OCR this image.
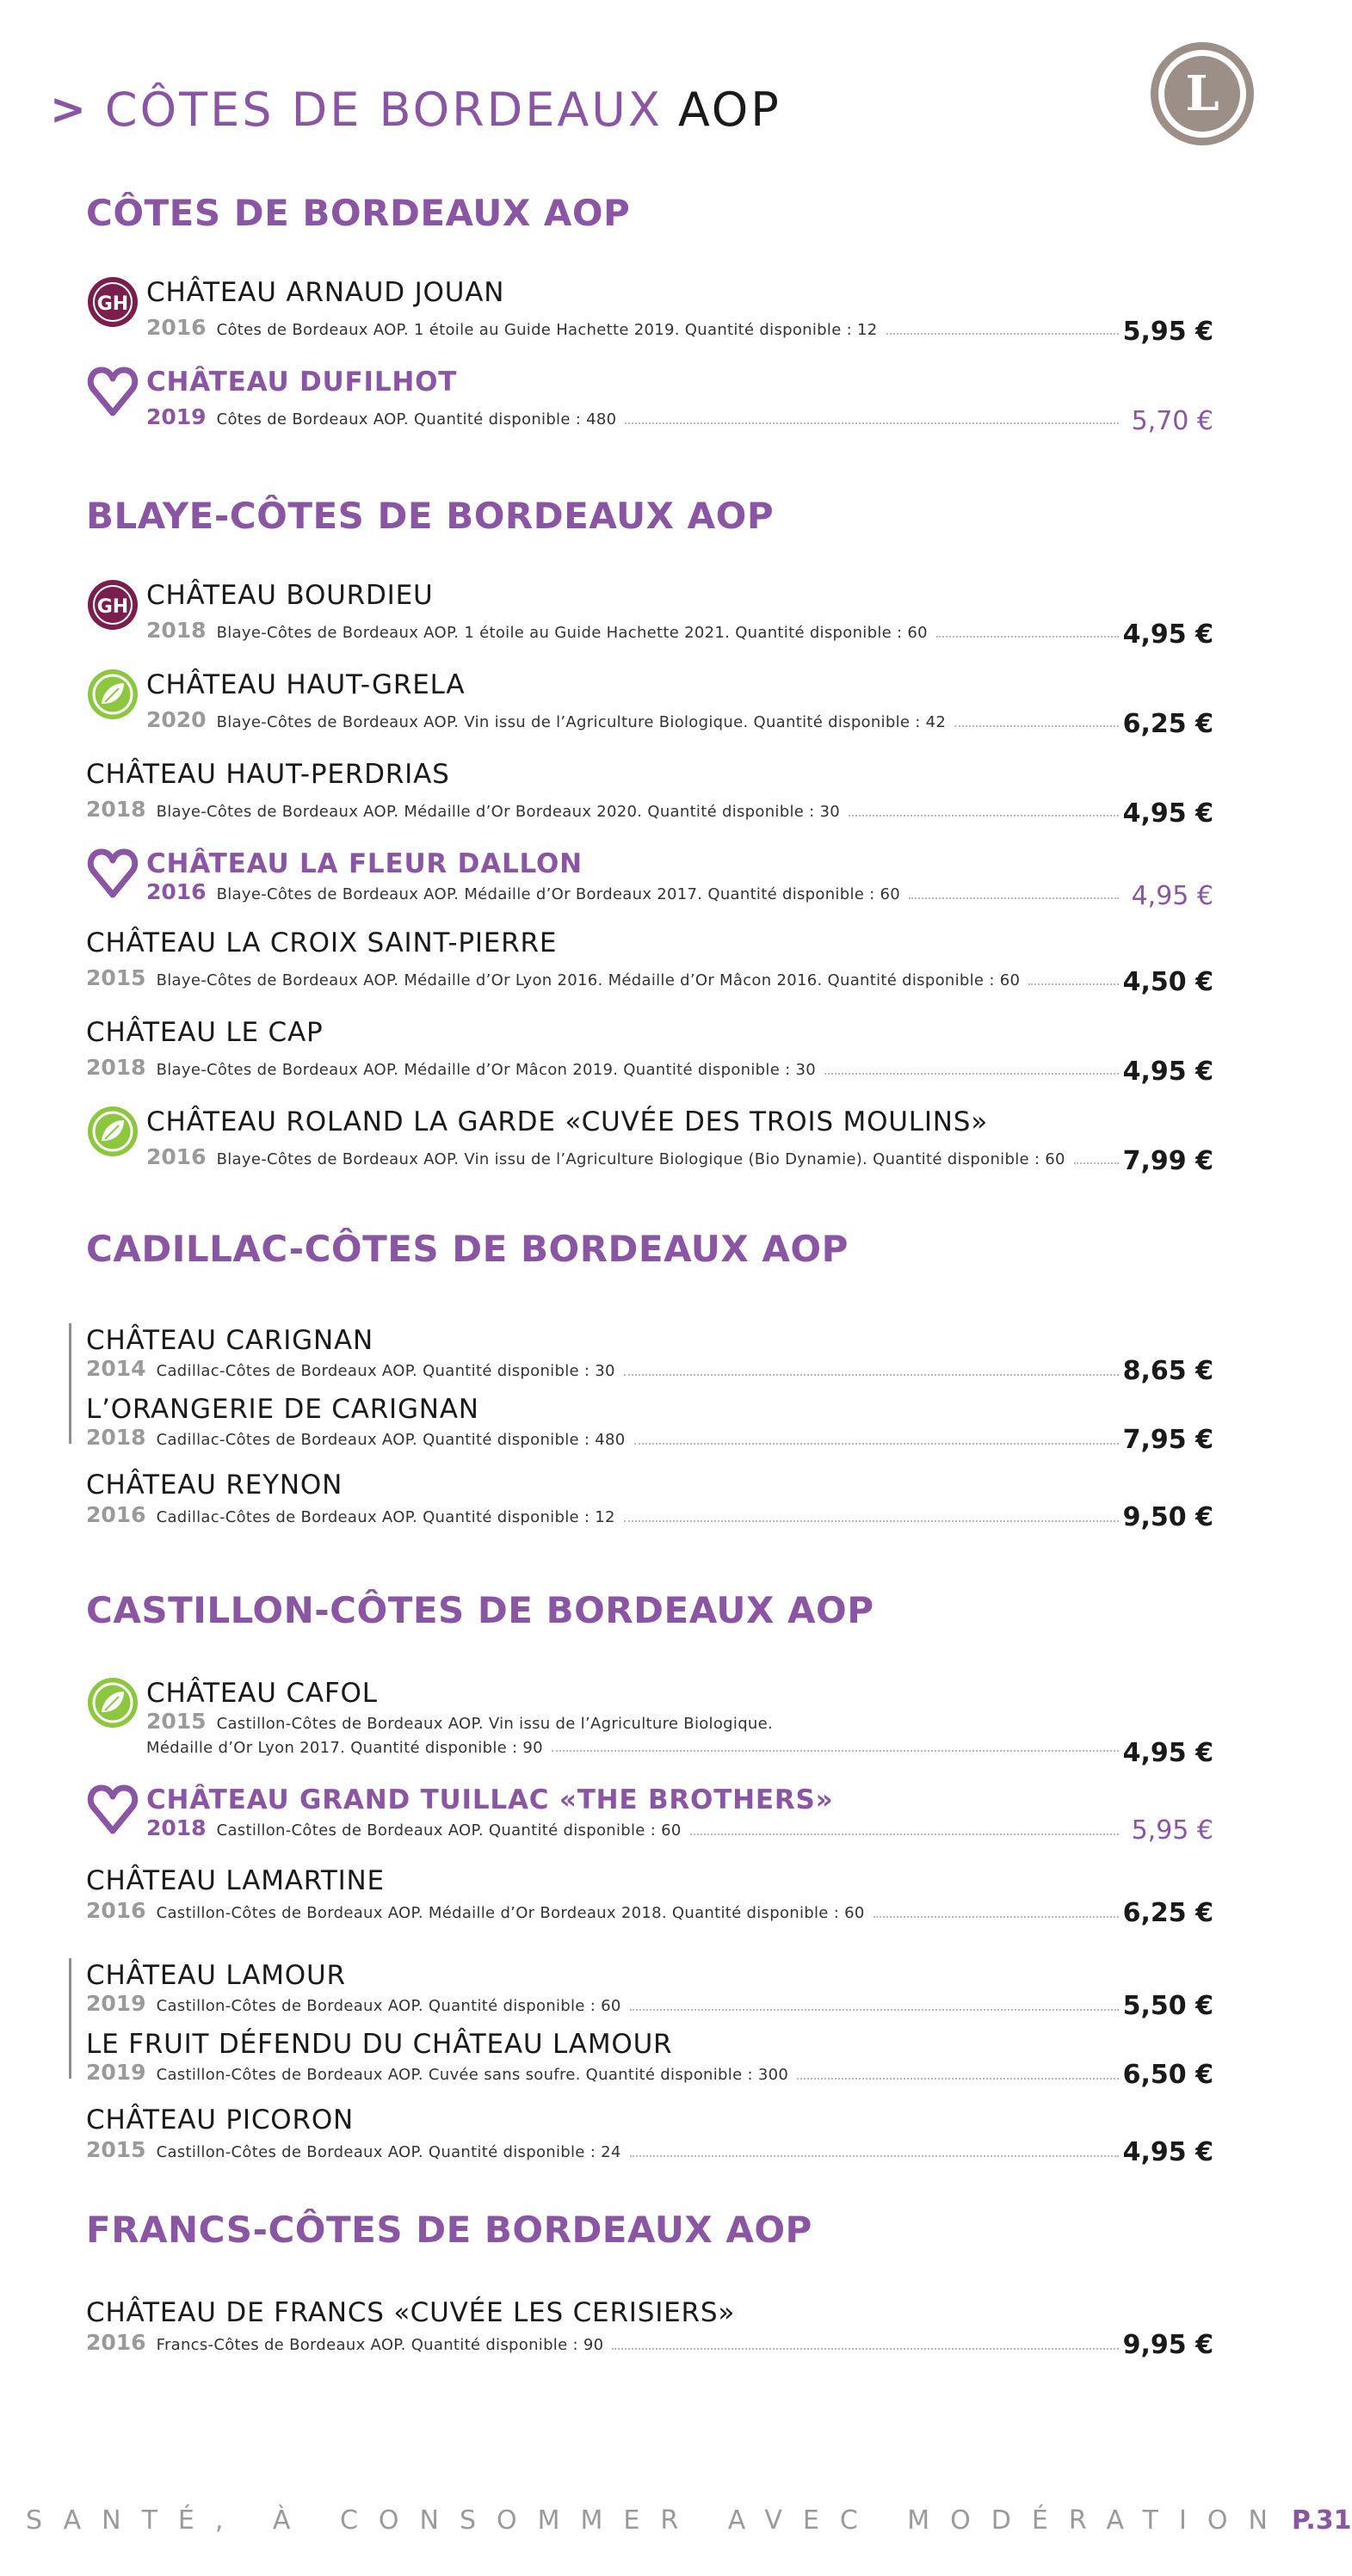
> CÔTES DE BORDEAUX AOP	L
CÔTES DE BORDEAUX AOP
GH CHÂTEAU ARNAUD JOUAN
2016 Côtes de Bordeaux AOP. 1 étoile au Guide Hachette 2019. Quantité disponible : 12	5,95 €
CHÂTEAU DUFILHOT
2019 Côtes de Bordeaux AOP. Quantité disponible : 480	5,70 €
BLAYE-CÔTES DE BORDEAUX AOP
GH CHÂTEAU BOURDIEU
2018 Blaye-Côtes de Bordeaux AOP. 1 étoile au Guide Hachette 2021. Quantité disponible : 60	4,95 €
CHÂTEAU HAUT-GRELA
2020 Blaye-Côtes de Bordeaux AOP. Vin issu de l’Agriculture Biologique. Quantité disponible : 42	6,25 €
CHÂTEAU HAUT-PERDRIAS
2018 Blaye-Côtes de Bordeaux AOP. Médaille d’Or Bordeaux 2020. Quantité disponible : 30	4,95 €
CHÂTEAU LA FLEUR DALLON
2016 Blaye-Côtes de Bordeaux AOP. Médaille d’Or Bordeaux 2017. Quantité disponible : 60	4,95 €
CHÂTEAU LA CROIX SAINT-PIERRE
2015 Blaye-Côtes de Bordeaux AOP. Médaille d’Or Lyon 2016. Médaille d’Or Mâcon 2016. Quantité disponible : 60	4,50 €
CHÂTEAU LE CAP
2018 Blaye-Côtes de Bordeaux AOP. Médaille d’Or Mâcon 2019. Quantité disponible : 30	4,95 €
CHÂTEAU ROLAND LA GARDE «CUVÉE DES TROIS MOULINS»
2016 Blaye-Côtes de Bordeaux AOP. Vin issu de l’Agriculture Biologique (Bio Dynamie). Quantité disponible : 60 7,99 €
CADILLAC-CÔTES DE BORDEAUX AOP
CHÂTEAU CARIGNAN
2014 Cadillac-Côtes de Bordeaux AOP. Quantité disponible : 30	8,65 €
L’ORANGERIE DE CARIGNAN
2018 Cadillac-Côtes de Bordeaux AOP. Quantité disponible : 480	7,95 €
CHÂTEAU REYNON
2016 Cadillac-Côtes de Bordeaux AOP. Quantité disponible : 12	9,50 €
CASTILLON-CÔTES DE BORDEAUX AOP
CHÂTEAU CAFOL
2015 Castillon-Côtes de Bordeaux AOP. Vin issu de l’Agriculture Biologique.
Médaille d’Or Lyon 2017. Quantité disponible : 90	4,95 €
CHÂTEAU GRAND TUILLAC «THE BROTHERS»
2018 Castillon-Côtes de Bordeaux AOP. Quantité disponible : 60	5,95 €
CHÂTEAU LAMARTINE
2016 Castillon-Côtes de Bordeaux AOP. Médaille d’Or Bordeaux 2018. Quantité disponible : 60	6,25 €
CHÂTEAU LAMOUR
2019 Castillon-Côtes de Bordeaux AOP. Quantité disponible : 60	5,50 €
LE FRUIT DÉFENDU DU CHÂTEAU LAMOUR
2019 Castillon-Côtes de Bordeaux AOP. Cuvée sans soufre. Quantité disponible : 300	6,50 €
CHÂTEAU PICORON
2015 Castillon-Côtes de Bordeaux AOP. Quantité disponible : 24	4,95 €
FRANCS-CÔTES DE BORDEAUX AOP
CHÂTEAU DE FRANCS «CUVÉE LES CERISIERS»
2016 Francs-Côtes de Bordeaux AOP. Quantité disponible : 90	9,95 €
SANTÉ, À CONSOMMER AVEC MODÉRATION P.31
